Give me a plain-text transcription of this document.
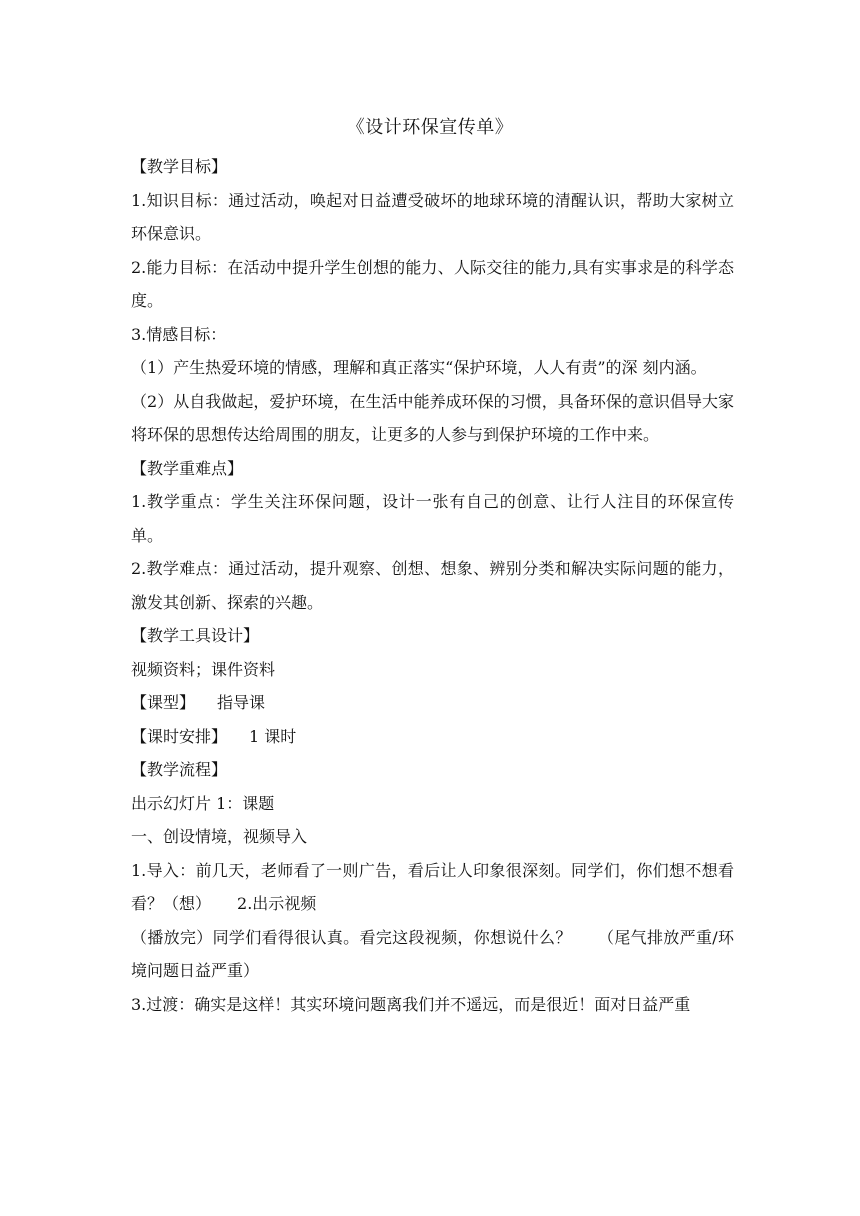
《设计环保宣传单》

【教学目标】

1.知识目标：通过活动，唤起对日益遭受破坏的地球环境的清醒认识，帮助大家树立环保意识。

2.能力目标：在活动中提升学生创想的能力、人际交往的能力,具有实事求是的科学态度。

3.情感目标：

（1）产生热爱环境的情感，理解和真正落实“保护环境，人人有责”的深 刻内涵。

（2）从自我做起，爱护环境，在生活中能养成环保的习惯，具备环保的意识倡导大家将环保的思想传达给周围的朋友，让更多的人参与到保护环境的工作中来。

【教学重难点】

1.教学重点：学生关注环保问题，设计一张有自己的创意、让行人注目的环保宣传单。

2.教学难点：通过活动，提升观察、创想、想象、辨别分类和解决实际问题的能力，激发其创新、探索的兴趣。

【教学工具设计】

视频资料；课件资料

【课型】 指导课

【课时安排】 1 课时

【教学流程】

出示幻灯片 1：课题

一、创设情境，视频导入

1.导入：前几天，老师看了一则广告，看后让人印象很深刻。同学们，你们想不想看看？（想） 2.出示视频

（播放完）同学们看得很认真。看完这段视频，你想说什么？ （尾气排放严重/环境问题日益严重）

3.过渡：确实是这样！其实环境问题离我们并不遥远，而是很近！面对日益严重
